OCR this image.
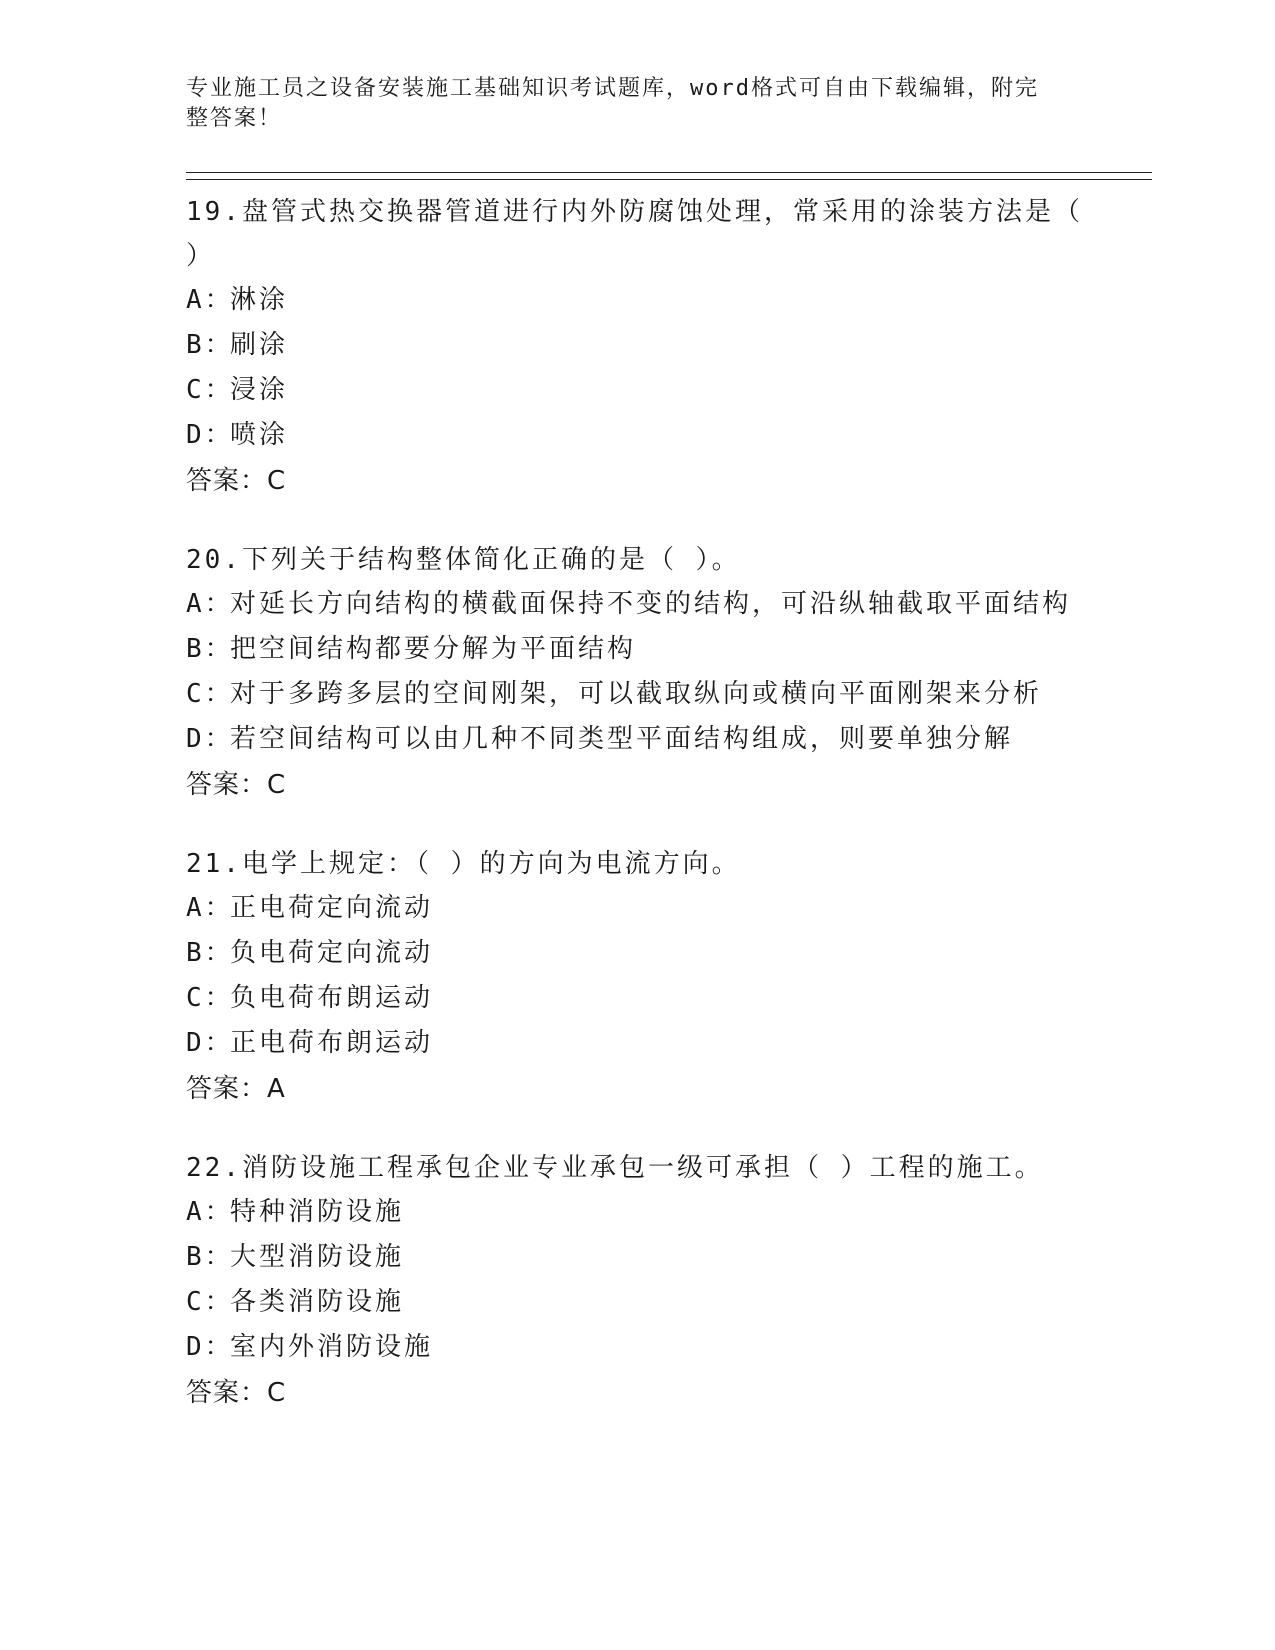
专业施工员之设备安装施工基础知识考试题库，word格式可自由下载编辑，附完
整答案！

19.盘管式热交换器管道进行内外防腐蚀处理，常采用的涂装方法是（ ）

A：淋涂

B：刷涂

C：浸涂

D：喷涂

答案：C

20.下列关于结构整体简化正确的是（ ）。

A：对延长方向结构的横截面保持不变的结构，可沿纵轴截取平面结构

B：把空间结构都要分解为平面结构

C：对于多跨多层的空间刚架，可以截取纵向或横向平面刚架来分析

D：若空间结构可以由几种不同类型平面结构组成，则要单独分解

答案：C

21.电学上规定：（ ）的方向为电流方向。

A：正电荷定向流动

B：负电荷定向流动

C：负电荷布朗运动

D：正电荷布朗运动

答案：A

22.消防设施工程承包企业专业承包一级可承担（ ）工程的施工。

A：特种消防设施

B：大型消防设施

C：各类消防设施

D：室内外消防设施

答案：C
